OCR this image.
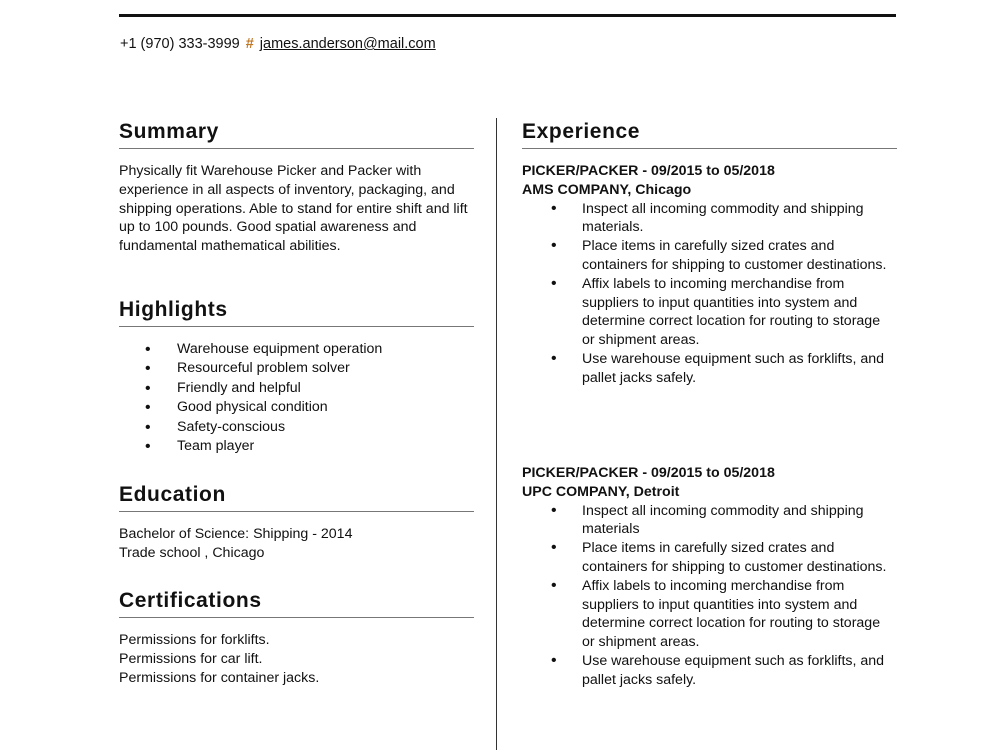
+1 (970) 333-3999 # james.anderson@mail.com
Summary
Physically fit Warehouse Picker and Packer with experience in all aspects of inventory, packaging, and shipping operations. Able to stand for entire shift and lift up to 100 pounds. Good spatial awareness and fundamental mathematical abilities.
Highlights
• Warehouse equipment operation
• Resourceful problem solver
• Friendly and helpful
• Good physical condition
• Safety-conscious
• Team player
Education
Bachelor of Science: Shipping - 2014
Trade school , Chicago
Certifications
Permissions for forklifts.
Permissions for car lift.
Permissions for container jacks.
Experience
PICKER/PACKER - 09/2015 to 05/2018
AMS COMPANY, Chicago
• Inspect all incoming commodity and shipping materials.
• Place items in carefully sized crates and containers for shipping to customer destinations.
• Affix labels to incoming merchandise from suppliers to input quantities into system and determine correct location for routing to storage or shipment areas.
• Use warehouse equipment such as forklifts, and pallet jacks safely.
PICKER/PACKER - 09/2015 to 05/2018
UPC COMPANY, Detroit
• Inspect all incoming commodity and shipping materials
• Place items in carefully sized crates and containers for shipping to customer destinations.
• Affix labels to incoming merchandise from suppliers to input quantities into system and determine correct location for routing to storage or shipment areas.
• Use warehouse equipment such as forklifts, and pallet jacks safely.
